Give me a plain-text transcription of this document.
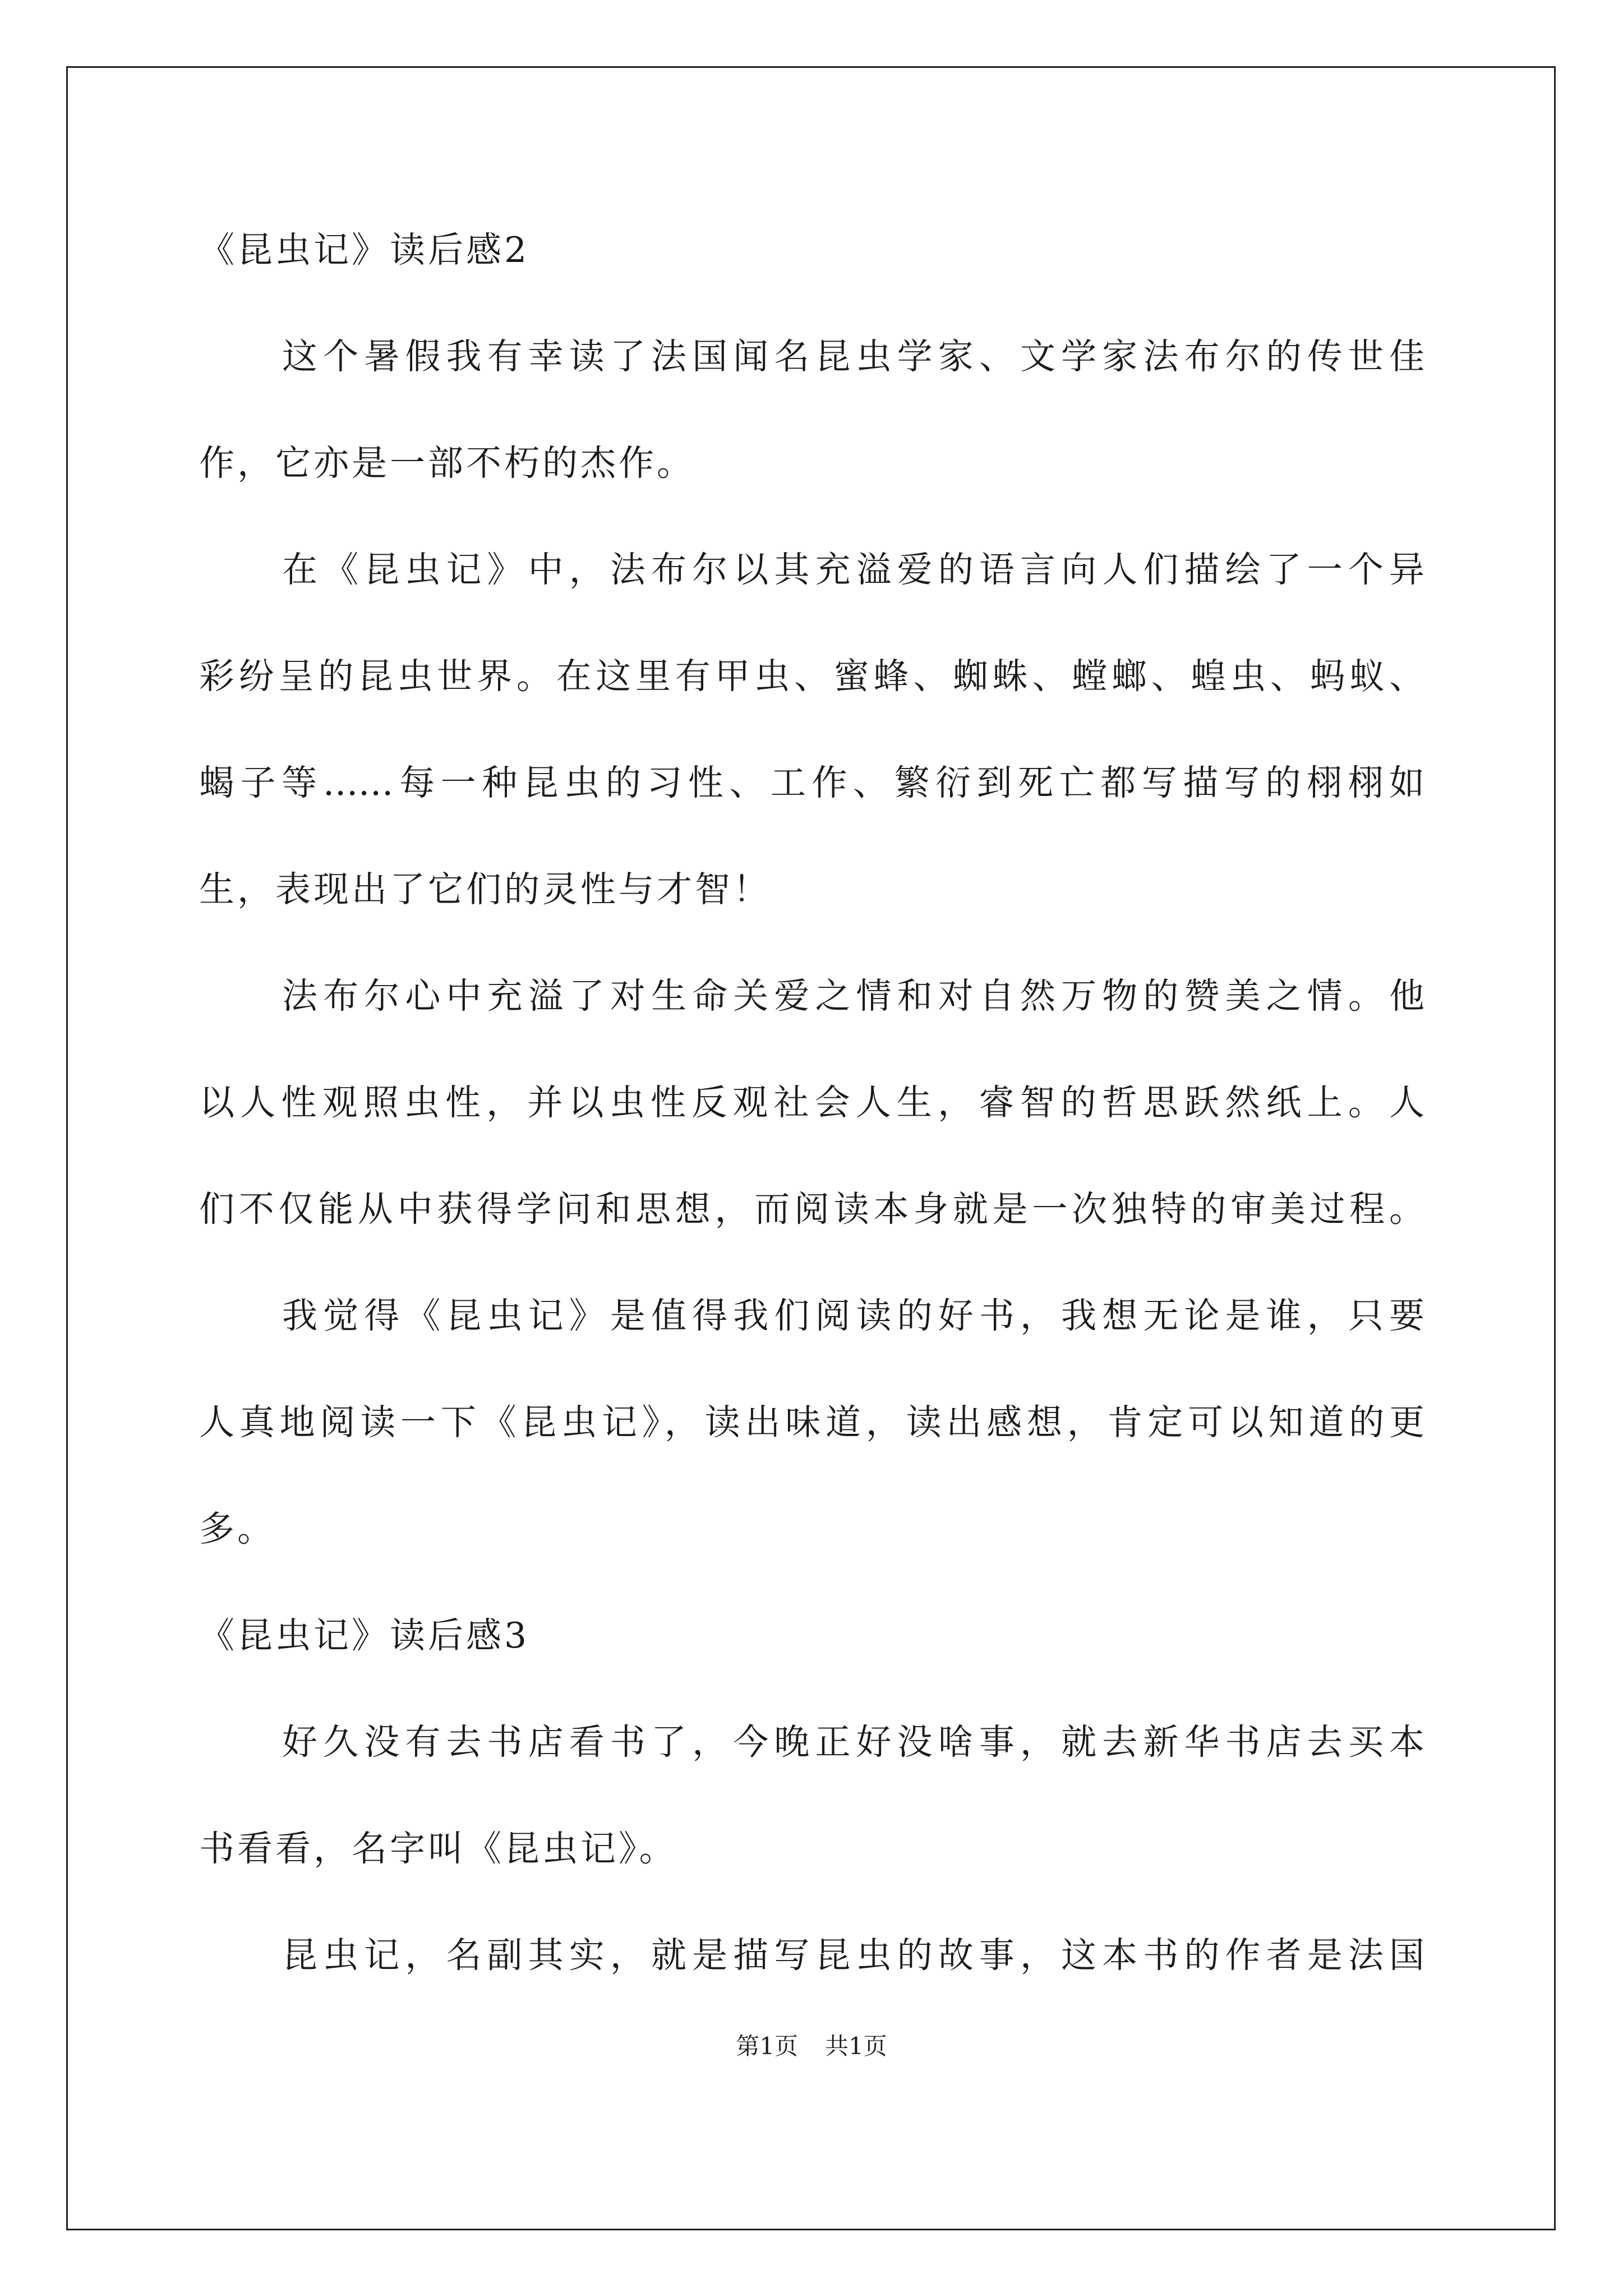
《昆虫记》读后感2
这个暑假我有幸读了法国闻名昆虫学家、文学家法布尔的传世佳
作，它亦是一部不朽的杰作。
在《昆虫记》中，法布尔以其充溢爱的语言向人们描绘了一个异
彩纷呈的昆虫世界。在这里有甲虫、蜜蜂、蜘蛛、螳螂、蝗虫、蚂蚁、
蝎子等……每一种昆虫的习性、工作、繁衍到死亡都写描写的栩栩如
生，表现出了它们的灵性与才智！
法布尔心中充溢了对生命关爱之情和对自然万物的赞美之情。他
以人性观照虫性，并以虫性反观社会人生，睿智的哲思跃然纸上。人
们不仅能从中获得学问和思想，而阅读本身就是一次独特的审美过程。
我觉得《昆虫记》是值得我们阅读的好书，我想无论是谁，只要
人真地阅读一下《昆虫记》，读出味道，读出感想，肯定可以知道的更
多。
《昆虫记》读后感3
好久没有去书店看书了，今晚正好没啥事，就去新华书店去买本
书看看，名字叫《昆虫记》。
昆虫记，名副其实，就是描写昆虫的故事，这本书的作者是法国
第1页 共1页
